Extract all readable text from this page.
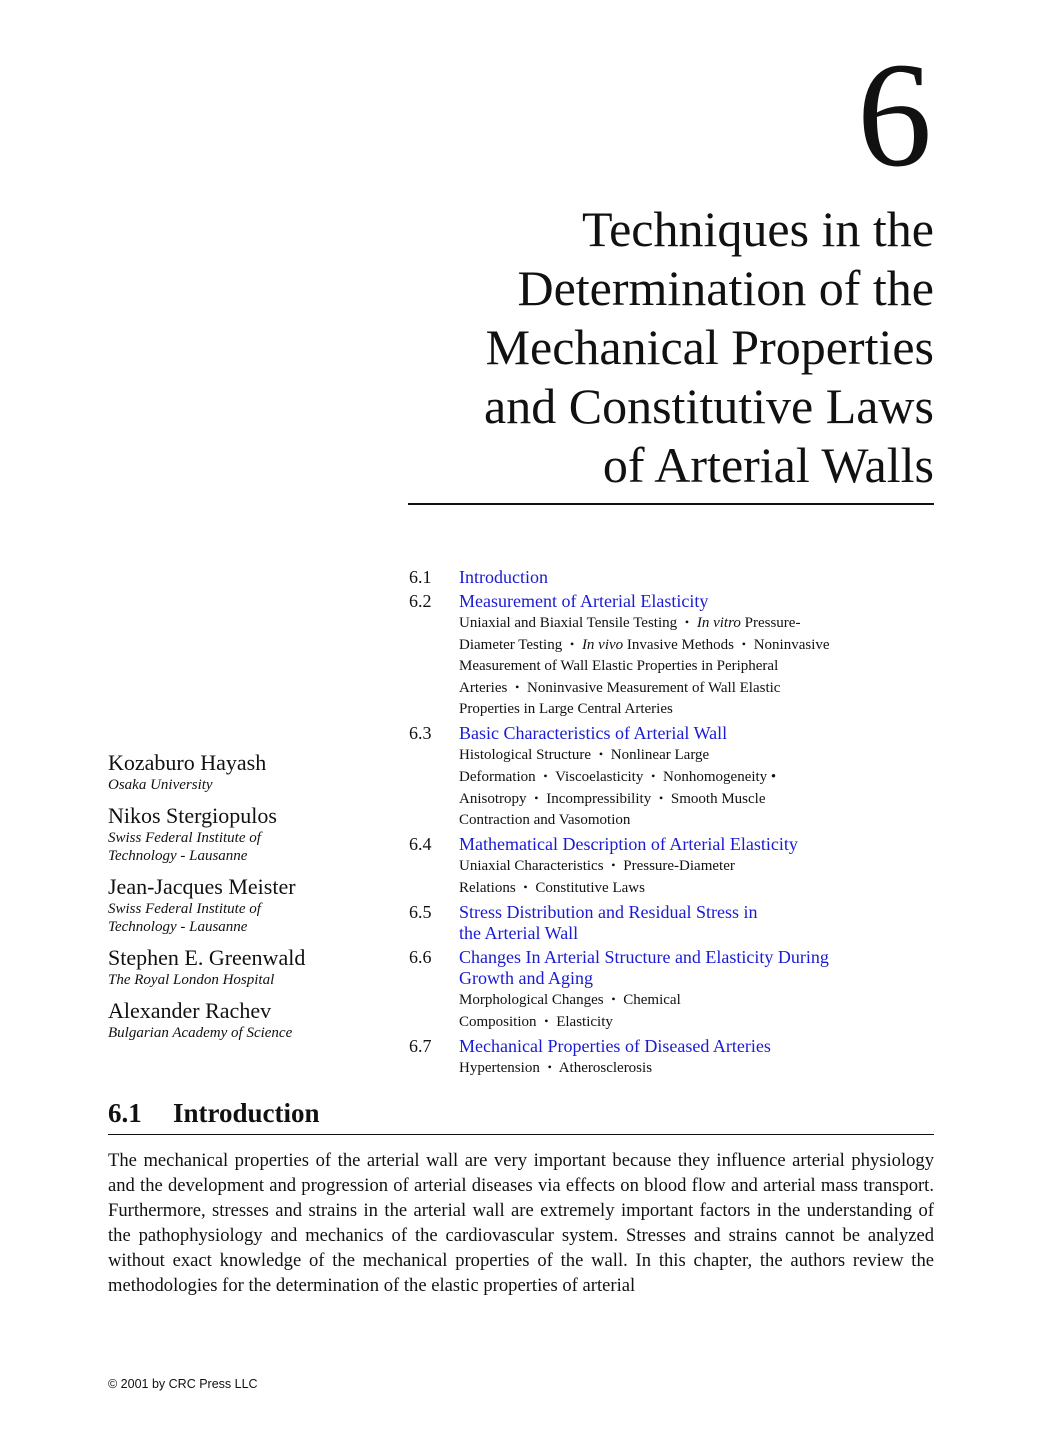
6
Techniques in the
Determination of the
Mechanical Properties
and Constitutive Laws
of Arterial Walls
6.1	Introduction
6.2	Measurement of Arterial Elasticity
Uniaxial and Biaxial Tensile Testing • In vitro Pressure-
Diameter Testing • In vivo Invasive Methods • Noninvasive
Measurement of Wall Elastic Properties in Peripheral
Arteries • Noninvasive Measurement of Wall Elastic
Properties in Large Central Arteries
6.3	Basic Characteristics of Arterial Wall
Histological Structure • Nonlinear Large
Deformation • Viscoelasticity • Nonhomogeneity •
Anisotropy • Incompressibility • Smooth Muscle
Contraction and Vasomotion
6.4	Mathematical Description of Arterial Elasticity
Uniaxial Characteristics • Pressure-Diameter
Relations • Constitutive Laws
6.5	Stress Distribution and Residual Stress in
the Arterial Wall
6.6	Changes In Arterial Structure and Elasticity During
Growth and Aging
Morphological Changes • Chemical
Composition • Elasticity
6.7	Mechanical Properties of Diseased Arteries
Hypertension • Atherosclerosis
Kozaburo Hayash
Osaka University
Nikos Stergiopulos
Swiss Federal Institute of
Technology - Lausanne
Jean-Jacques Meister
Swiss Federal Institute of
Technology - Lausanne
Stephen E. Greenwald
The Royal London Hospital
Alexander Rachev
Bulgarian Academy of Science
6.1 Introduction

The mechanical properties of the arterial wall are very important because they influence arterial physiology and the development and progression of arterial diseases via effects on blood flow and arterial mass transport. Furthermore, stresses and strains in the arterial wall are extremely important factors in the understanding of the pathophysiology and mechanics of the cardiovascular system. Stresses and strains cannot be analyzed without exact knowledge of the mechanical properties of the wall. In this chapter, the authors review the methodologies for the determination of the elastic properties of arterial

© 2001 by CRC Press LLC
